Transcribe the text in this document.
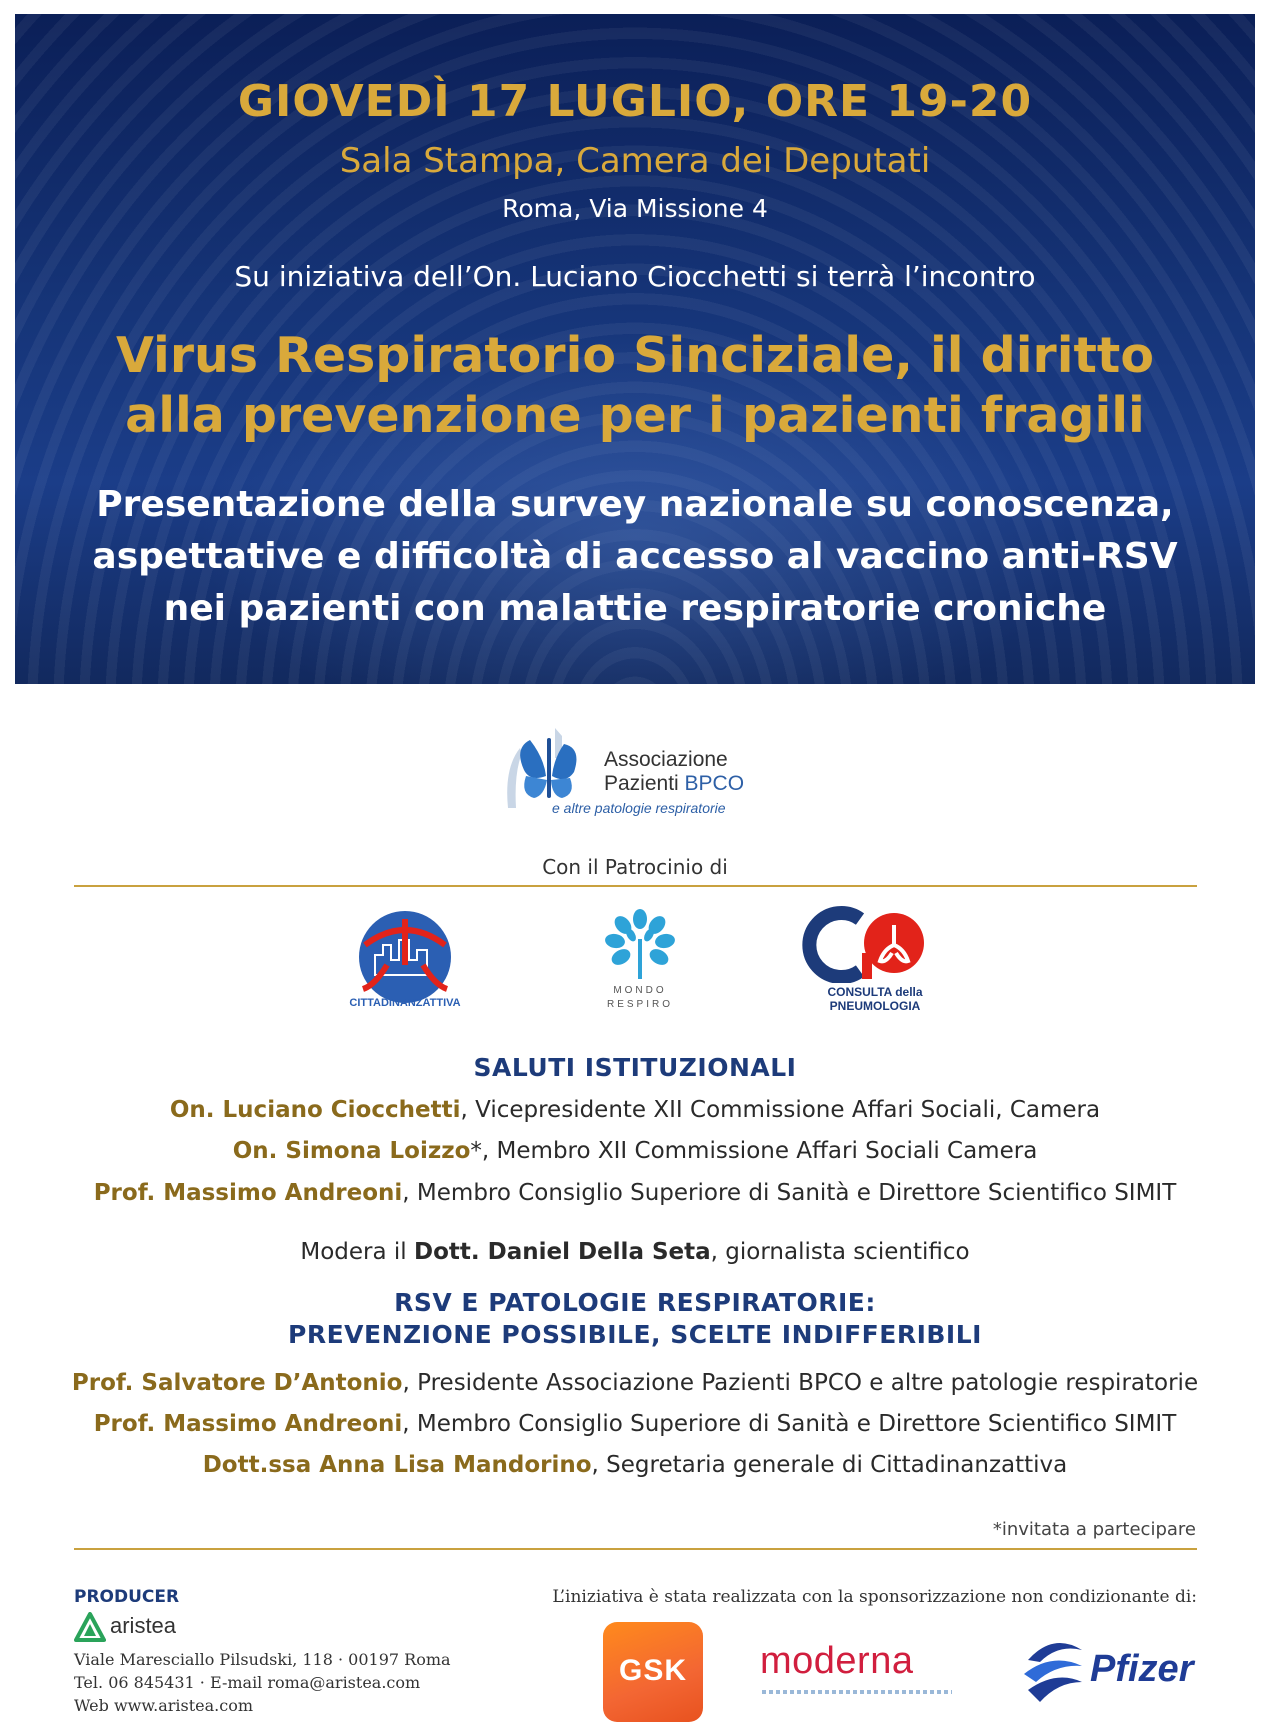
GIOVEDÌ 17 LUGLIO, ORE 19-20
Sala Stampa, Camera dei Deputati
Roma, Via Missione 4
Su iniziativa dell’On. Luciano Ciocchetti si terrà l’incontro
Virus Respiratorio Sinciziale, il diritto
alla prevenzione per i pazienti fragili
Presentazione della survey nazionale su conoscenza,
aspettative e difficoltà di accesso al vaccino anti-RSV
nei pazienti con malattie respiratorie croniche
Associazione
Pazienti BPCO
e altre patologie respiratorie
Con il Patrocinio di
CITTADINANZATTIVA
MONDO
RESPIRO
CONSULTA della
PNEUMOLOGIA
SALUTI ISTITUZIONALI
On. Luciano Ciocchetti, Vicepresidente XII Commissione Affari Sociali, Camera
On. Simona Loizzo*, Membro XII Commissione Affari Sociali Camera
Prof. Massimo Andreoni, Membro Consiglio Superiore di Sanità e Direttore Scientifico SIMIT
Modera il Dott. Daniel Della Seta, giornalista scientifico
RSV E PATOLOGIE RESPIRATORIE:
PREVENZIONE POSSIBILE, SCELTE INDIFFERIBILI
Prof. Salvatore D’Antonio, Presidente Associazione Pazienti BPCO e altre patologie respiratorie
Prof. Massimo Andreoni, Membro Consiglio Superiore di Sanità e Direttore Scientifico SIMIT
Dott.ssa Anna Lisa Mandorino, Segretaria generale di Cittadinanzattiva
*invitata a partecipare
PRODUCER
aristea
Viale Maresciallo Pilsudski, 118 · 00197 Roma
Tel. 06 845431 · E-mail roma@aristea.com
Web www.aristea.com
L’iniziativa è stata realizzata con la sponsorizzazione non condizionante di:
GSK	moderna	Pfizer
